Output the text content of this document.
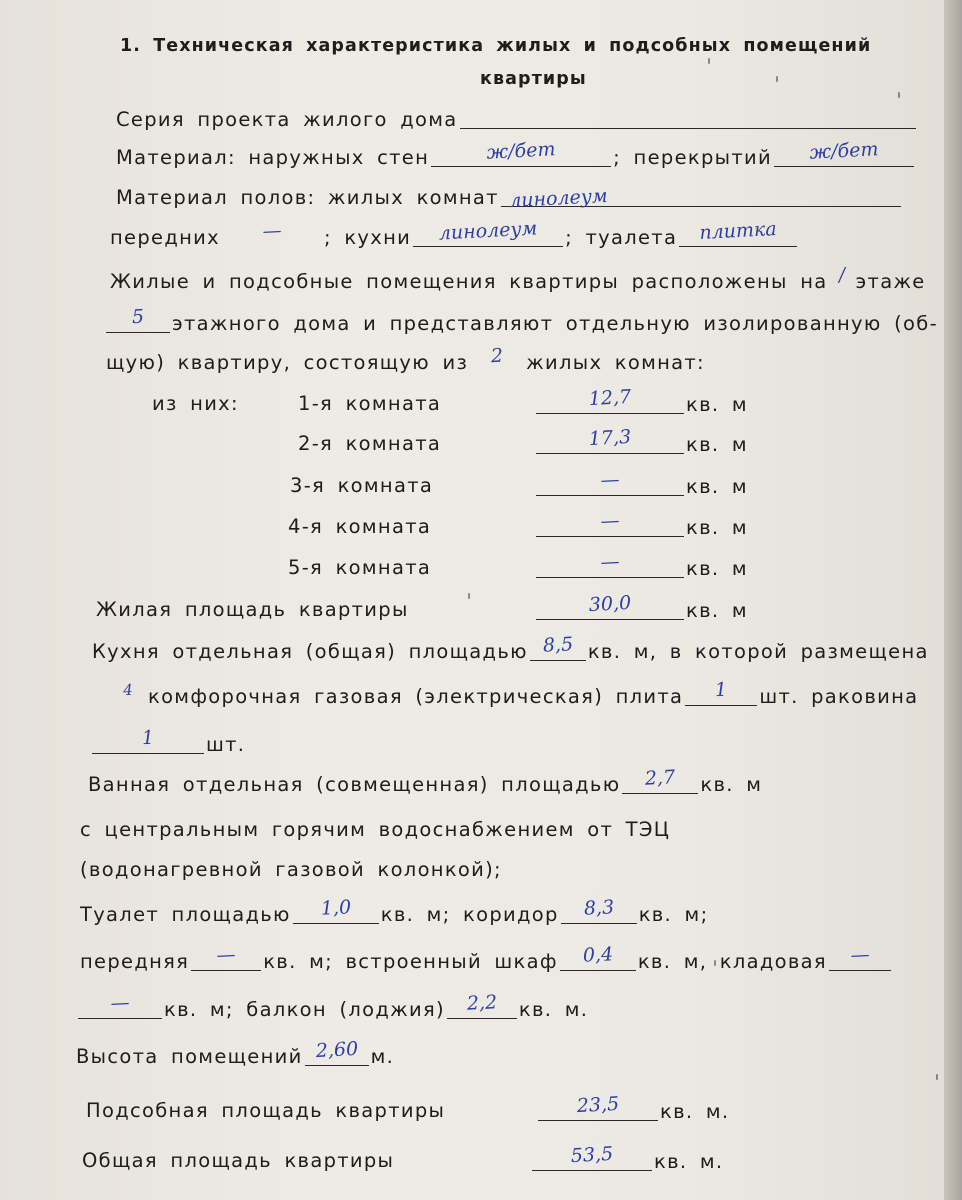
1. Техническая характеристика жилых и подсобных помещений
квартиры
Серия проекта жилого дома
Материал: наружных стен	ж/бет	; перекрытий	ж/бет
Материал полов: жилых комнат линолеум
передних	—	; кухни	линолеум	; туалета	плитка
Жилые и подсобные помещения квартиры расположены на / этаже
5	этажного дома и представляют отдельную изолированную (об-
щую) квартиру, состоящую из	2	жилых комнат:
из них:	1-я комната	12,7	кв. м
2-я комната	17,3	кв. м
3-я комната	—	кв. м
4-я комната	—	кв. м
5-я комната	—	кв. м
Жилая площадь квартиры	30,0	кв. м
Кухня отдельная (общая) площадью 8,5 кв. м, в которой размещена
4 комфорочная газовая (электрическая) плита	1	шт. раковина
1	шт.
Ванная отдельная (совмещенная) площадью	2,7	кв. м
с центральным горячим водоснабжением от ТЭЦ
(водонагревной газовой колонкой);
Туалет площадью	1,0	кв. м; коридор	8,3	кв. м;
передняя	—	кв. м; встроенный шкаф	0,4	кв. м, кладовая	—
—	кв. м; балкон (лоджия)	2,2	кв. м.
Высота помещений 2,60 м.
Подсобная площадь квартиры	23,5	кв. м.
Общая площадь квартиры	53,5	кв. м.
